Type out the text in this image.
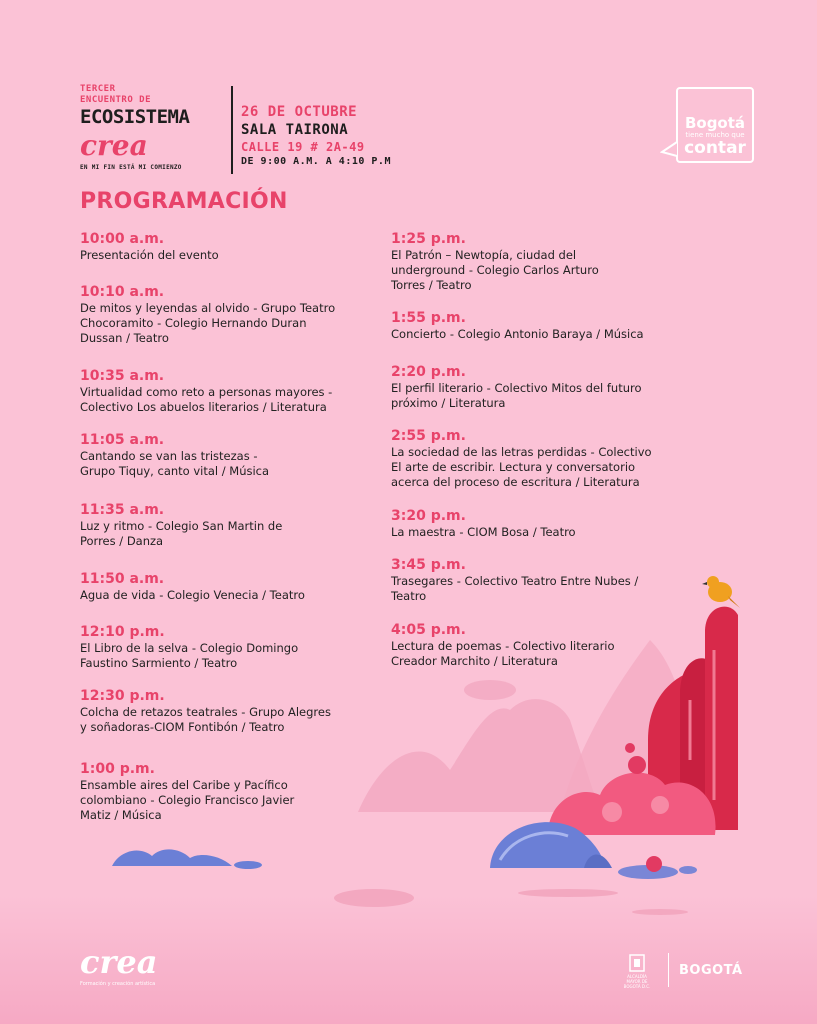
TERCER
ENCUENTRO DE
ECOSISTEMA
crea
EN MI FIN ESTÁ MI COMIENZO
26 DE OCTUBRE
SALA TAIRONA
CALLE 19 # 2A-49
DE 9:00 A.M. A 4:10 P.M
Bogotá
tiene mucho que
contar
PROGRAMACIÓN
10:00 a.m.
Presentación del evento
10:10 a.m.
De mitos y leyendas al olvido - Grupo Teatro
Chocoramito - Colegio Hernando Duran
Dussan / Teatro
10:35 a.m.
Virtualidad como reto a personas mayores -
Colectivo Los abuelos literarios / Literatura
11:05 a.m.
Cantando se van las tristezas -
Grupo Tiquy, canto vital / Música
11:35 a.m.
Luz y ritmo - Colegio San Martin de
Porres / Danza
11:50 a.m.
Agua de vida - Colegio Venecia / Teatro
12:10 p.m.
El Libro de la selva - Colegio Domingo
Faustino Sarmiento / Teatro
12:30 p.m.
Colcha de retazos teatrales - Grupo Alegres
y soñadoras-CIOM Fontibón / Teatro
1:00 p.m.
Ensamble aires del Caribe y Pacífico
colombiano - Colegio Francisco Javier
Matiz / Música
1:25 p.m.
El Patrón – Newtopía, ciudad del
underground - Colegio Carlos Arturo
Torres / Teatro
1:55 p.m.
Concierto - Colegio Antonio Baraya / Música
2:20 p.m.
El perfil literario - Colectivo Mitos del futuro
próximo / Literatura
2:55 p.m.
La sociedad de las letras perdidas - Colectivo
El arte de escribir. Lectura y conversatorio
acerca del proceso de escritura / Literatura
3:20 p.m.
La maestra - CIOM Bosa / Teatro
3:45 p.m.
Trasegares - Colectivo Teatro Entre Nubes /
Teatro
4:05 p.m.
Lectura de poemas - Colectivo literario
Creador Marchito / Literatura
crea
Formación y creación artística
ALCALDÍA MAYOR DE BOGOTÁ D.C.
BOGOTÁ
